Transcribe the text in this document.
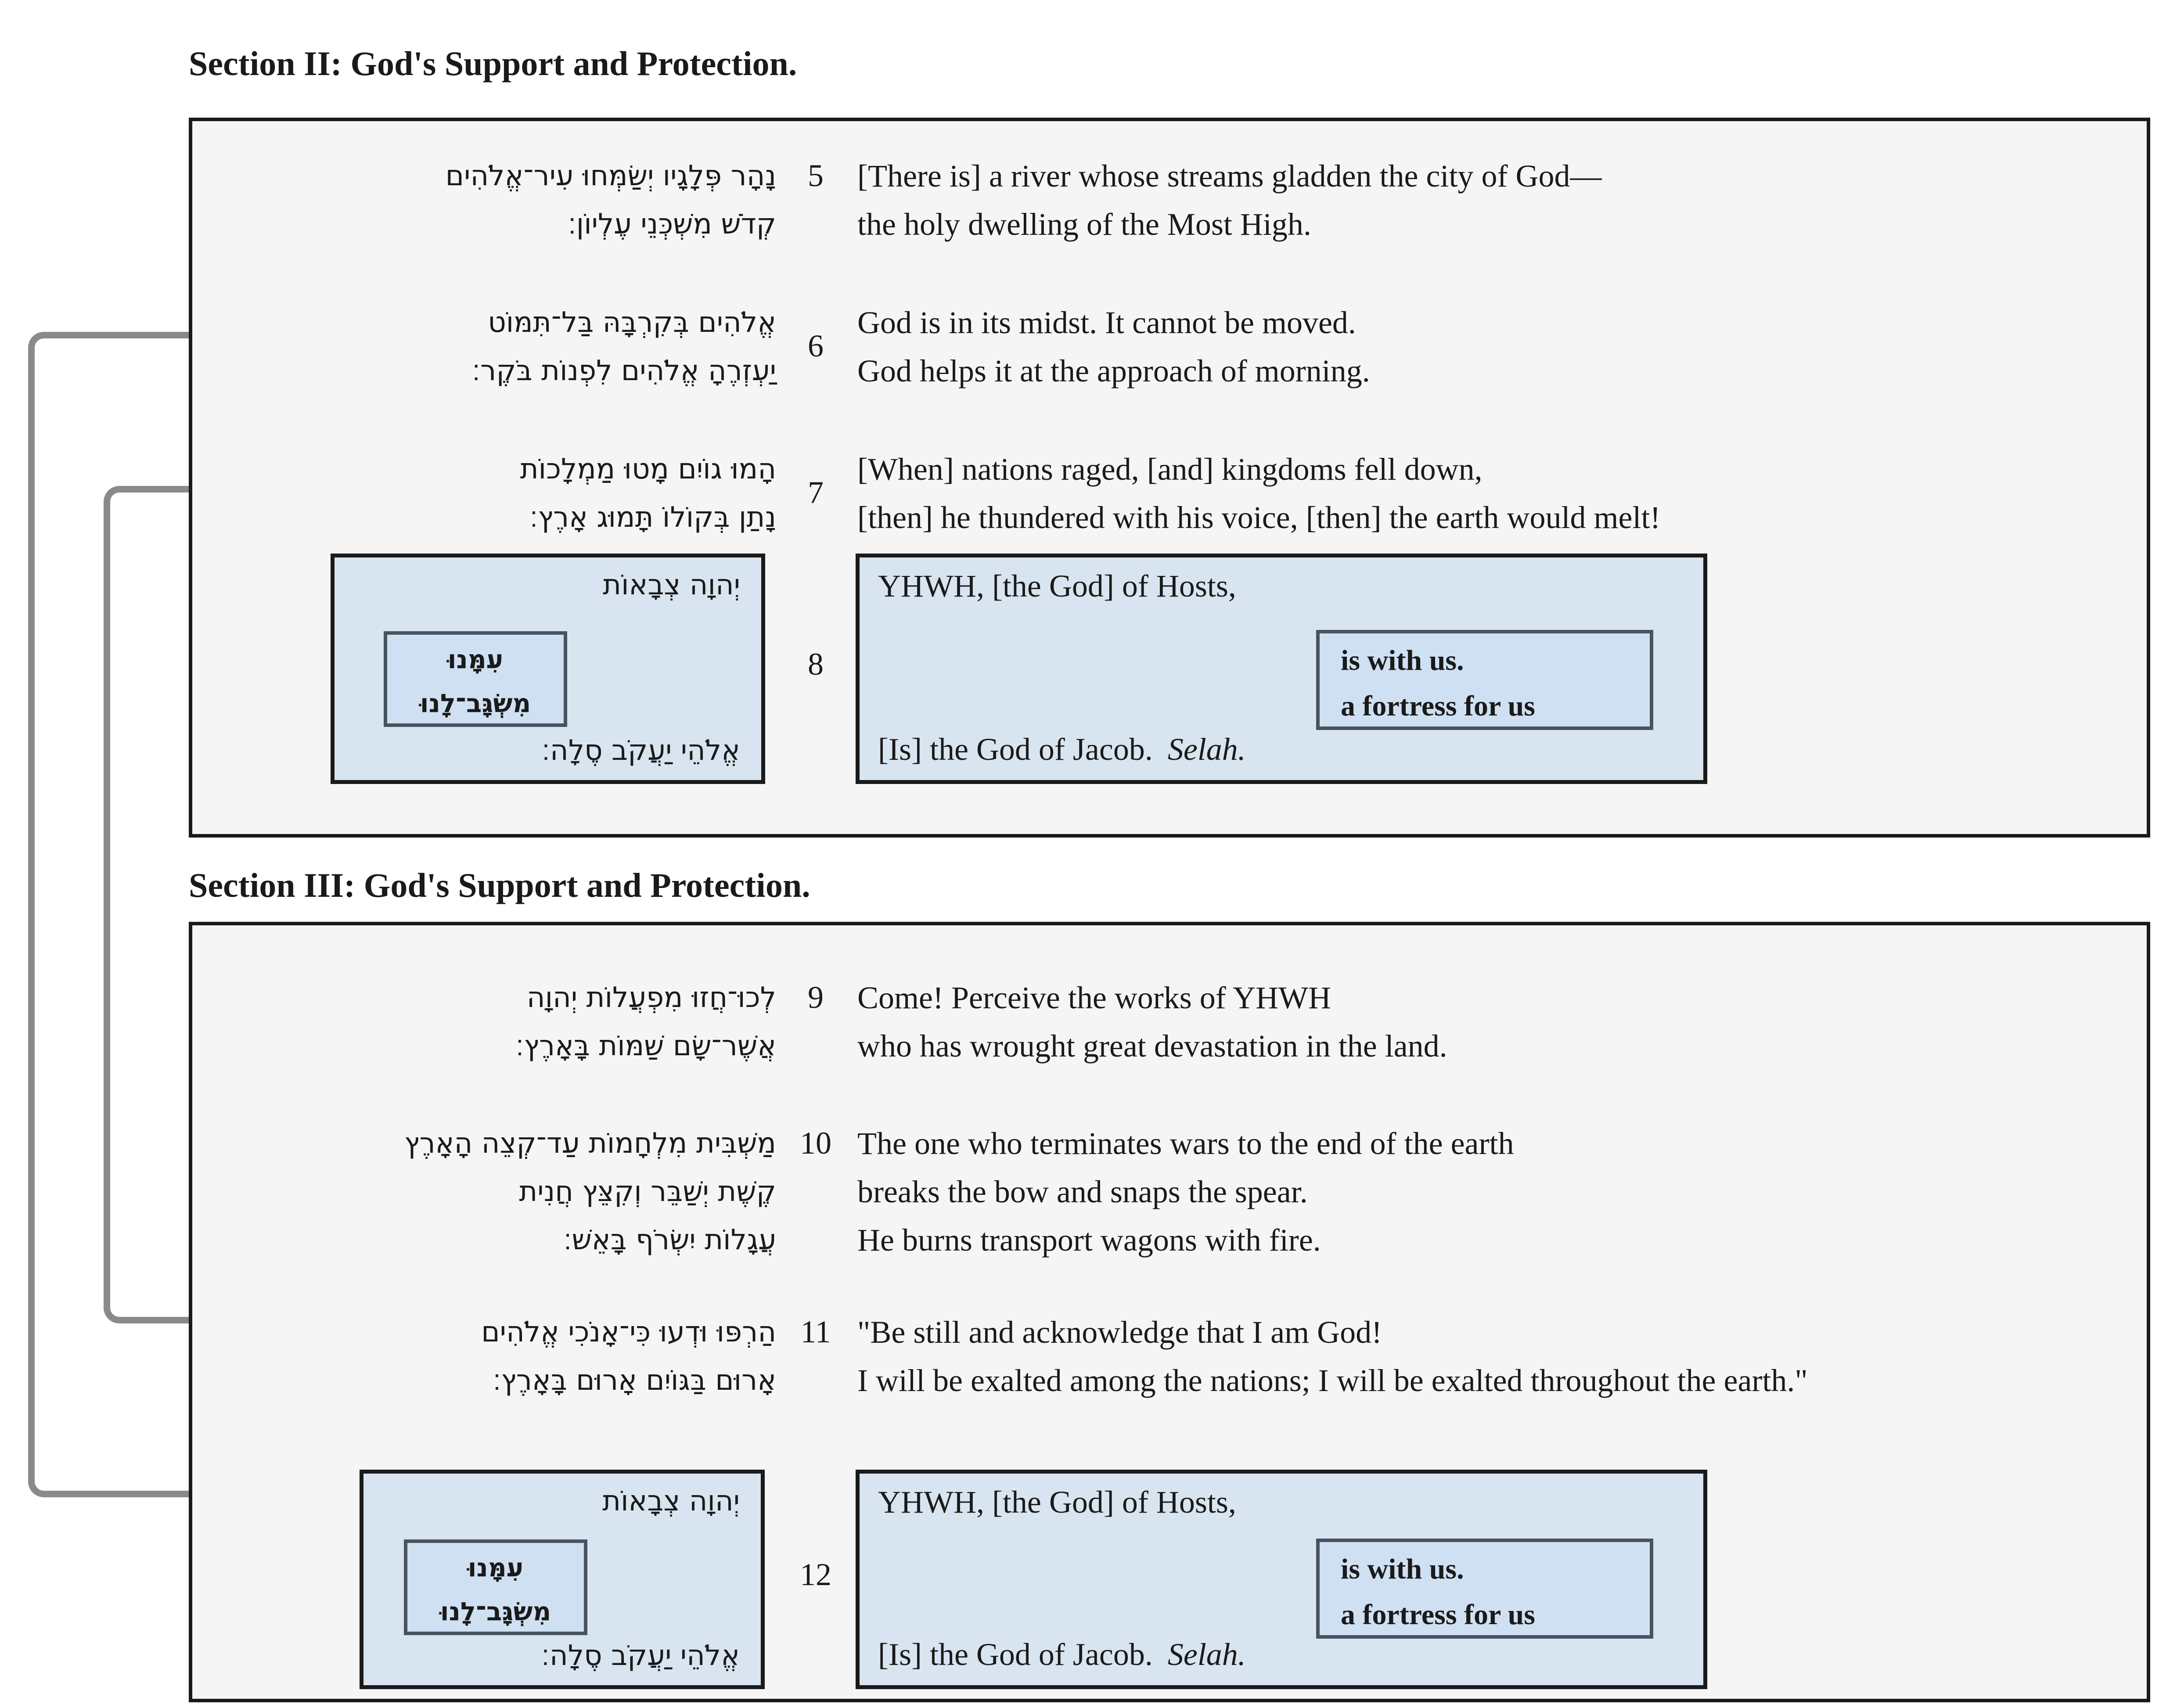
Section II: God's Support and Protection.
נָהָר פְּלָגָיו יְשַׂמְּחוּ עִיר־אֱלֹהִים
קְדֹשׁ מִשְׁכְּנֵי עֶלְיוֹן׃
5	[There is] a river whose streams gladden the city of God—
the holy dwelling of the Most High.
אֱלֹהִים בְּקִרְבָּהּ בַּל־תִּמּוֹט
יַעְזְרֶהָ אֱלֹהִים לִפְנוֹת בֹּקֶר׃
6
God is in its midst. It cannot be moved.
God helps it at the approach of morning.
הָמוּ גוֹיִם מָטוּ מַמְלָכוֹת
נָתַן בְּקוֹלוֹ תָּמוּג אָרֶץ׃
7
[When] nations raged, [and] kingdoms fell down,
[then] he thundered with his voice, [then] the earth would melt!
יְהוָה צְבָאוֹת
עִמָּנוּ
מִשְׂגָּב־לָנוּ
אֱלֹהֵי יַעֲקֹב סֶלָה׃
8
YHWH, [the God] of Hosts,
is with us.
a fortress for us
[Is] the God of Jacob. Selah.
Section III: God's Support and Protection.
לְכוּ־חֲזוּ מִפְעֲלוֹת יְהוָה
אֲשֶׁר־שָׂם שַׁמּוֹת בָּאָרֶץ׃
9	Come! Perceive the works of YHWH
who has wrought great devastation in the land.
מַשְׁבִּית מִלְחָמוֹת עַד־קְצֵה הָאָרֶץ
קֶשֶׁת יְשַׁבֵּר וְקִצֵּץ חֲנִית
עֲגָלוֹת יִשְׂרֹף בָּאֵשׁ׃
10 The one who terminates wars to the end of the earth
breaks the bow and snaps the spear.
He burns transport wagons with fire.
הַרְפּוּ וּדְעוּ כִּי־אָנֹכִי אֱלֹהִים
אָרוּם בַּגּוֹיִם אָרוּם בָּאָרֶץ׃
11 "Be still and acknowledge that I am God!
I will be exalted among the nations; I will be exalted throughout the earth."
יְהוָה צְבָאוֹת
עִמָּנוּ
מִשְׂגָּב־לָנוּ
אֱלֹהֵי יַעֲקֹב סֶלָה׃
12
YHWH, [the God] of Hosts,
is with us.
a fortress for us
[Is] the God of Jacob. Selah.
